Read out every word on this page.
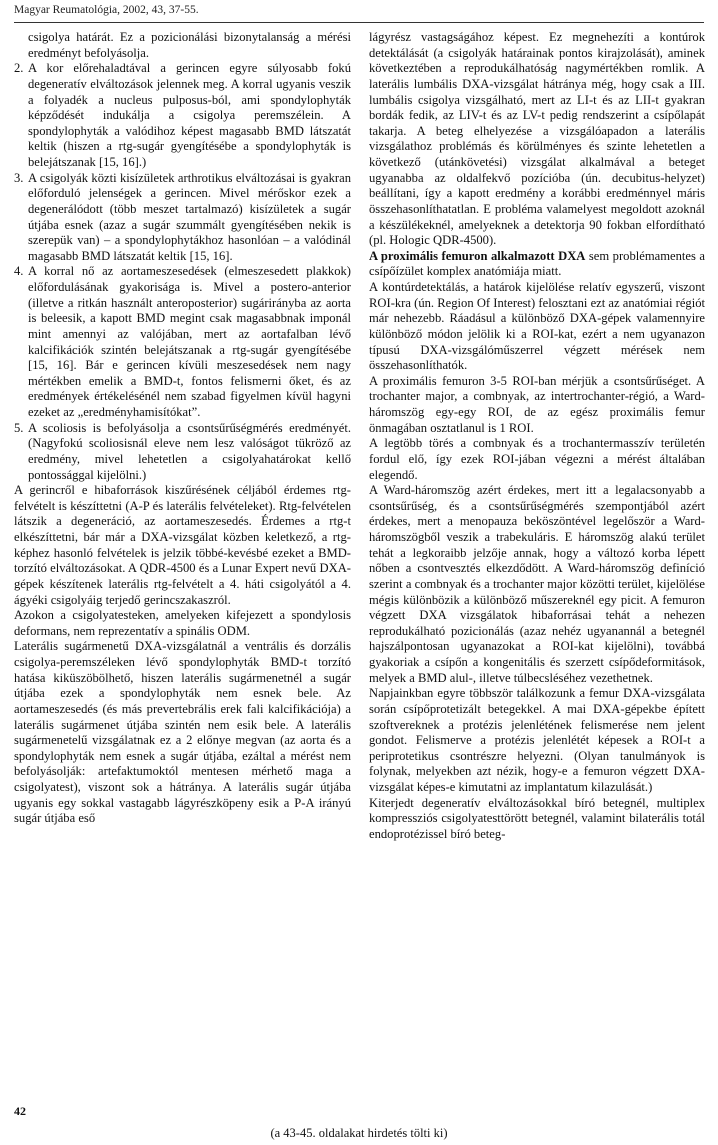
Magyar Reumatológia, 2002, 43, 37-55.

csigolya határát. Ez a pozicionálási bizonytalanság a mérési eredményt befolyásolja.

2. A kor előrehaladtával a gerincen egyre súlyosabb fokú degeneratív elváltozások jelennek meg. A korral ugyanis veszik a folyadék a nucleus pulposus-ból, ami spondylophyták képződését indukálja a csigolya peremszélein. A spondylophyták a valódihoz képest magasabb BMD látszatát keltik (hiszen a rtg-sugár gyengítésébe a spondylophyták is belejátszanak [15, 16].)
3. A csigolyák közti kisízületek arthrotikus elváltozásai is gyakran előforduló jelenségek a gerincen. Mivel mérőskor ezek a degenerálódott (több meszet tartalmazó) kisízületek a sugár útjába esnek (azaz a sugár szummált gyengítésében nekik is szerepük van) – a spondylophytákhoz hasonlóan – a valódinál magasabb BMD látszatát keltik [15, 16].
4. A korral nő az aortameszesedések (elmeszesedett plakkok) előfordulásának gyakorisága is. Mivel a postero-anterior (illetve a ritkán használt anteroposterior) sugárirányba az aorta is beleesik, a kapott BMD megint csak magasabbnak imponál mint amennyi az valójában, mert az aortafalban lévő kalcifikációk szintén belejátszanak a rtg-sugár gyengítésébe [15, 16]. Bár e gerincen kívüli meszesedések nem nagy mértékben emelik a BMD-t, fontos felismerni őket, és az eredmények értékelésénél nem szabad figyelmen kívül hagyni ezeket az „eredményhamisítókat”.
5. A scoliosis is befolyásolja a csontsűrűségmérés eredményét. (Nagyfokú scoliosisnál eleve nem lesz valóságot tükröző az eredmény, mivel lehetetlen a csigolyahatárokat kellő pontossággal kijelölni.)

A gerincről e hibaforrások kiszűrésének céljából érdemes rtg-felvételt is készíttetni (A-P és laterális felvételeket). Rtg-felvételen látszik a degeneráció, az aortameszesedés. Érdemes a rtg-t elkészíttetni, bár már a DXA-vizsgálat közben keletkező, a rtg-képhez hasonló felvételek is jelzik többé-kevésbé ezeket a BMD-torzító elváltozásokat. A QDR-4500 és a Lunar Expert nevű DXA-gépek készítenek laterális rtg-felvételt a 4. háti csigolyától a 4. ágyéki csigolyáig terjedő gerincszakaszról.

Azokon a csigolyatesteken, amelyeken kifejezett a spondylosis deformans, nem reprezentatív a spinális ODM.

Laterális sugármenetű DXA-vizsgálatnál a ventrális és dorzális csigolya-peremszéleken lévő spondylophyták BMD-t torzító hatása kiküszöbölhető, hiszen laterális sugármenetnél a sugár útjába ezek a spondylophyták nem esnek bele. Az aortameszesedés (és más prevertebrális erek fali kalcifikációja) a laterális sugármenet útjába szintén nem esik bele. A laterális sugármenetelű vizsgálatnak ez a 2 előnye megvan (az aorta és a spondylophyták nem esnek a sugár útjába, ezáltal a mérést nem befolyásolják: artefaktumoktól mentesen mérhető maga a csigolyatest), viszont sok a hátránya. A laterális sugár útjába ugyanis egy sokkal vastagabb lágyrészköpeny esik a P-A irányú sugár útjába eső

lágyrész vastagságához képest. Ez megnehezíti a kontúrok detektálását (a csigolyák határainak pontos kirajzolását), aminek következtében a reprodukálhatóság nagymértékben romlik. A laterális lumbális DXA-vizsgálat hátránya még, hogy csak a III. lumbális csigolya vizsgálható, mert az LI-t és az LII-t gyakran bordák fedik, az LIV-t és az LV-t pedig rendszerint a csípőlapát takarja. A beteg elhelyezése a vizsgálóapadon a laterális vizsgálathoz problémás és körülményes és szinte lehetetlen a következő (utánkövetési) vizsgálat alkalmával a beteget ugyanabba az oldalfekvő pozícióba (ún. decubitus-helyzet) beállítani, így a kapott eredmény a korábbi eredménnyel máris összehasonlíthatatlan. E probléma valamelyest megoldott azoknál a készülékeknél, amelyeknek a detektorja 90 fokban elfordítható (pl. Hologic QDR-4500).

A proximális femuron alkalmazott DXA sem problémamentes a csípőízület komplex anatómiája miatt.

A kontúrdetektálás, a határok kijelölése relatív egyszerű, viszont ROI-kra (ún. Region Of Interest) felosztani ezt az anatómiai régiót már nehezebb. Ráadásul a különböző DXA-gépek valamennyire különböző módon jelölik ki a ROI-kat, ezért a nem ugyanazon típusú DXA-vizsgálóműszerrel végzett mérések nem összehasonlíthatók.

A proximális femuron 3-5 ROI-ban mérjük a csontsűrűséget. A trochanter major, a combnyak, az intertrochanter-régió, a Ward-háromszög egy-egy ROI, de az egész proximális femur önmagában osztatlanul is 1 ROI.

A legtöbb törés a combnyak és a trochantermasszív területén fordul elő, így ezek ROI-jában végezni a mérést általában elegendő.

A Ward-háromszög azért érdekes, mert itt a legalacsonyabb a csontsűrűség, és a csontsűrűségmérés szempontjából azért érdekes, mert a menopauza beköszöntével legelőször a Ward-háromszögből veszik a trabekuláris. E háromszög alakú terület tehát a legkoraibb jelzője annak, hogy a változó korba lépett nőben a csontvesztés elkezdődött. A Ward-háromszög definíció szerint a combnyak és a trochanter major közötti terület, kijelölése mégis különbözik a különböző műszereknél egy picit. A femuron végzett DXA vizsgálatok hibaforrásai tehát a nehezen reprodukálható pozicionálás (azaz nehéz ugyanannál a betegnél hajszálpontosan ugyanazokat a ROI-kat kijelölni), továbbá gyakoriak a csípőn a kongenitális és szerzett csípődeformitások, melyek a BMD alul-, illetve túlbecsléséhez vezethetnek.

Napjainkban egyre többször találkozunk a femur DXA-vizsgálata során csípőprotetizált betegekkel. A mai DXA-gépekbe épített szoftvereknek a protézis jelenlétének felismerése nem jelent gondot. Felismerve a protézis jelenlétét képesek a ROI-t a periprotetikus csontrészre helyezni. (Olyan tanulmányok is folynak, melyekben azt nézik, hogy-e a femuron végzett DXA-vizsgálat képes-e kimutatni az implantatum kilazulását.)

Kiterjedt degeneratív elváltozásokkal bíró betegnél, multiplex kompressziós csigolyatesttörött betegnél, valamint bilaterális totál endoprotézissel bíró beteg-

42
(a 43-45. oldalakat hirdetés tölti ki)
